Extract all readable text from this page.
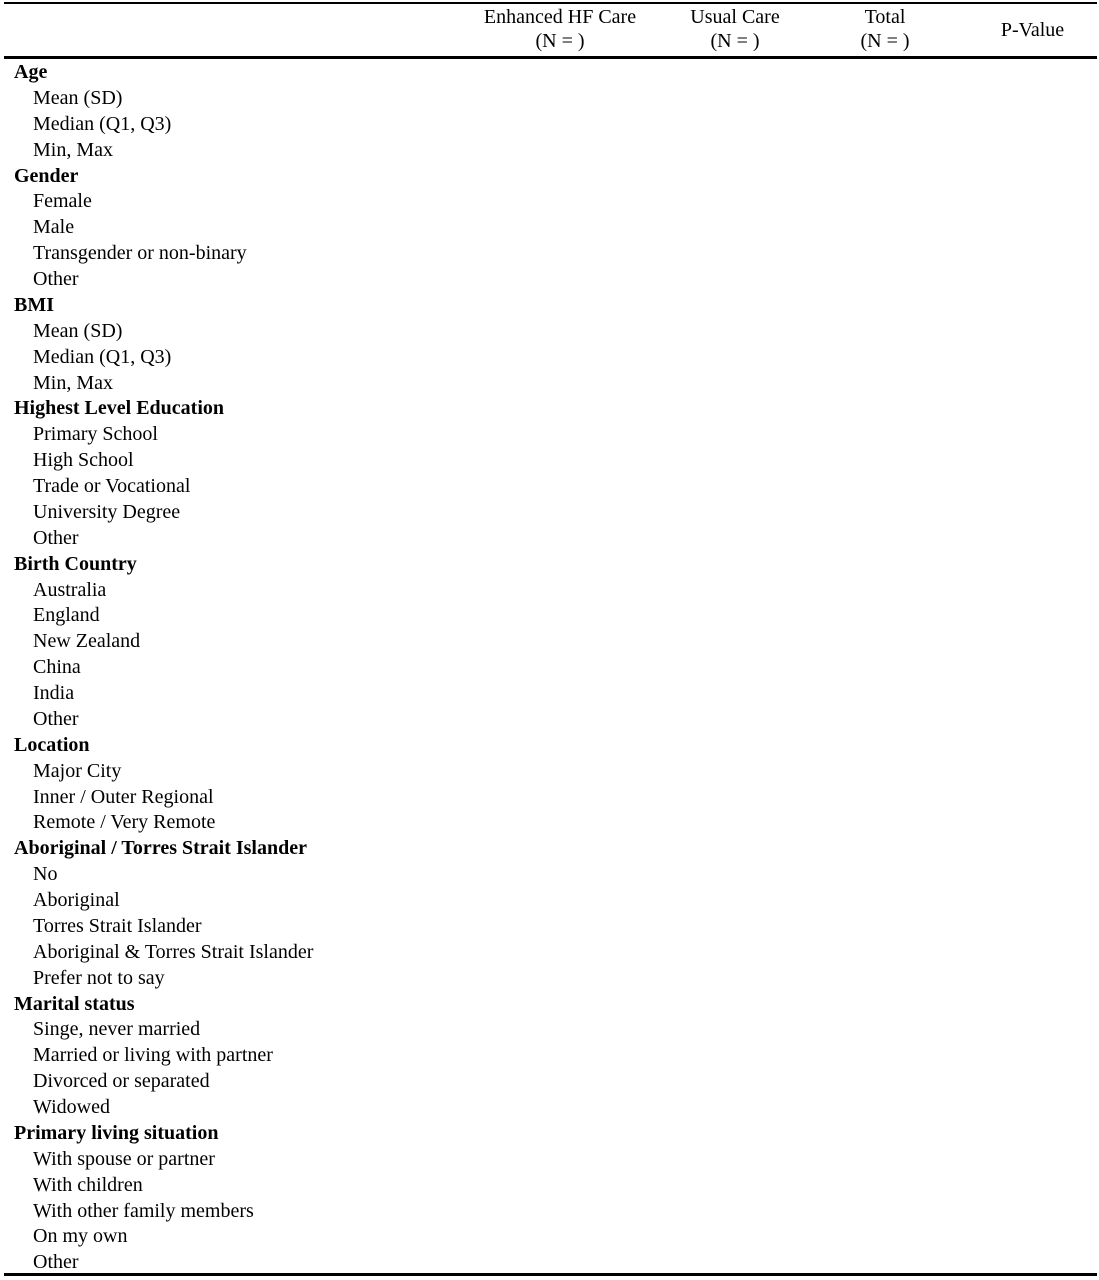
Enhanced HF Care
(N = )
Usual Care
(N = )
Total
(N = )	P-Value
Age
Mean (SD)
Median (Q1, Q3)
Min, Max
Gender
Female
Male
Transgender or non-binary
Other
BMI
Mean (SD)
Median (Q1, Q3)
Min, Max
Highest Level Education
Primary School
High School
Trade or Vocational
University Degree
Other
Birth Country
Australia
England
New Zealand
China
India
Other
Location
Major City
Inner / Outer Regional
Remote / Very Remote
Aboriginal / Torres Strait Islander
No
Aboriginal
Torres Strait Islander
Aboriginal & Torres Strait Islander
Prefer not to say
Marital status
Singe, never married
Married or living with partner
Divorced or separated
Widowed
Primary living situation
With spouse or partner
With children
With other family members
On my own
Other
